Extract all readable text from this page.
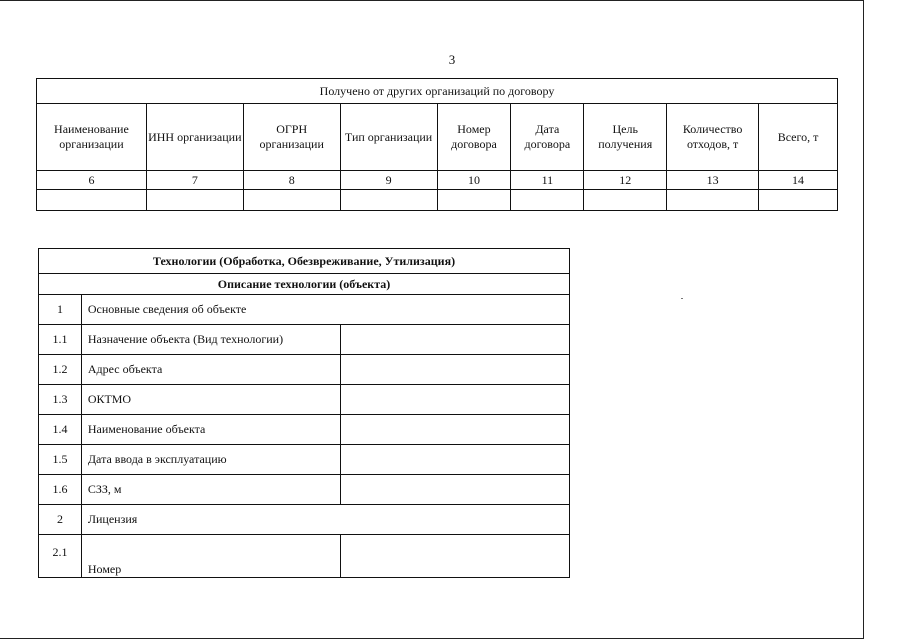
3
Получено от других организаций по договору								
Наименование организации	ИНН организации	ОГРН организации	Тип организации	Номер договора	Дата договора	Цель получения	Количество отходов, т	Всего, т
6	7	8	9	10	11	12	13	14

Технологии (Обработка, Обезвреживание, Утилизация)		
Описание технологии (объекта)		
1	Основные сведения об объекте	
1.1	Назначение объекта (Вид технологии)	
1.2	Адрес объекта	
1.3	ОКТМО	
1.4	Наименование объекта	
1.5	Дата ввода в эксплуатацию	
1.6	СЗЗ, м	
2	Лицензия	
2.1	Номер	
